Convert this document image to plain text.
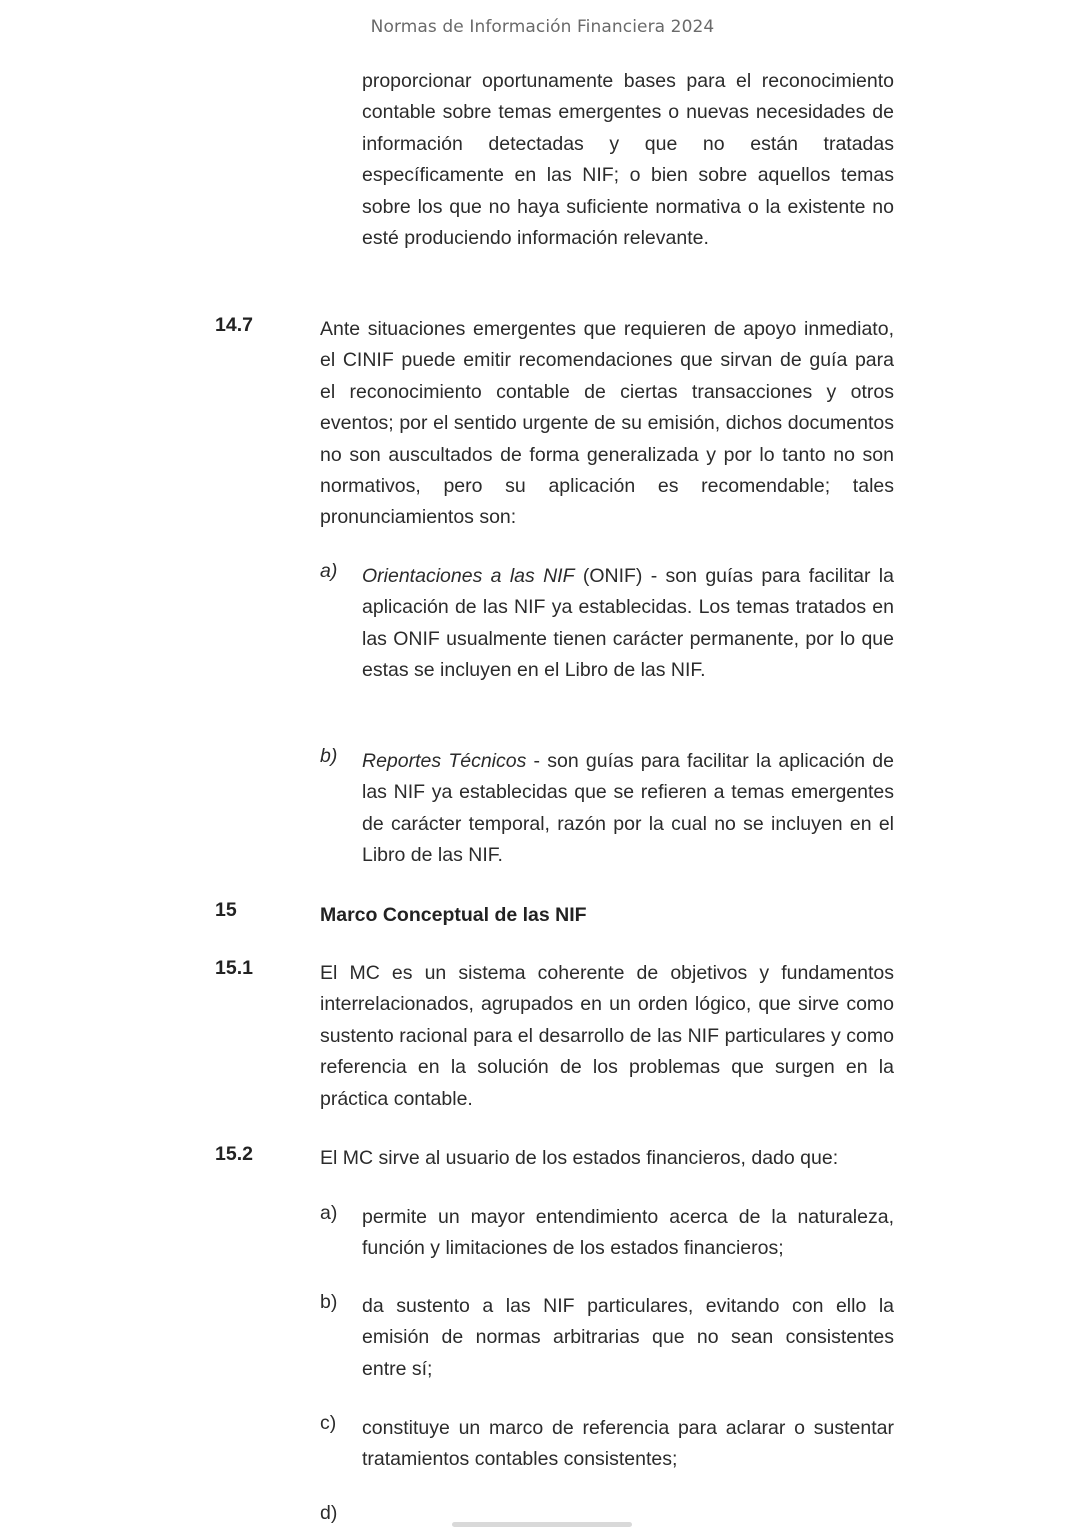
Normas de Información Financiera 2024
proporcionar oportunamente bases para el reconocimiento contable sobre temas emergentes o nuevas necesidades de información detectadas y que no están tratadas específicamente en las NIF; o bien sobre aquellos temas sobre los que no haya suficiente normativa o la existente no esté produciendo información relevante.
14.7	Ante situaciones emergentes que requieren de apoyo inmediato, el CINIF puede emitir recomendaciones que sirvan de guía para el reconocimiento contable de ciertas transacciones y otros eventos; por el sentido urgente de su emisión, dichos documentos no son auscultados de forma generalizada y por lo tanto no son normativos, pero su aplicación es recomendable; tales pronunciamientos son:
a) Orientaciones a las NIF (ONIF) - son guías para facilitar la aplicación de las NIF ya establecidas. Los temas tratados en las ONIF usualmente tienen carácter permanente, por lo que estas se incluyen en el Libro de las NIF.
b) Reportes Técnicos - son guías para facilitar la aplicación de las NIF ya establecidas que se refieren a temas emergentes de carácter temporal, razón por la cual no se incluyen en el Libro de las NIF.
15	Marco Conceptual de las NIF
15.1	El MC es un sistema coherente de objetivos y fundamentos interrelacionados, agrupados en un orden lógico, que sirve como sustento racional para el desarrollo de las NIF particulares y como referencia en la solución de los problemas que surgen en la práctica contable.
15.2	El MC sirve al usuario de los estados financieros, dado que:
a) permite un mayor entendimiento acerca de la naturaleza, función y limitaciones de los estados financieros;
b) da sustento a las NIF particulares, evitando con ello la emisión de normas arbitrarias que no sean consistentes entre sí;
c) constituye un marco de referencia para aclarar o sustentar tratamientos contables consistentes;
d)
